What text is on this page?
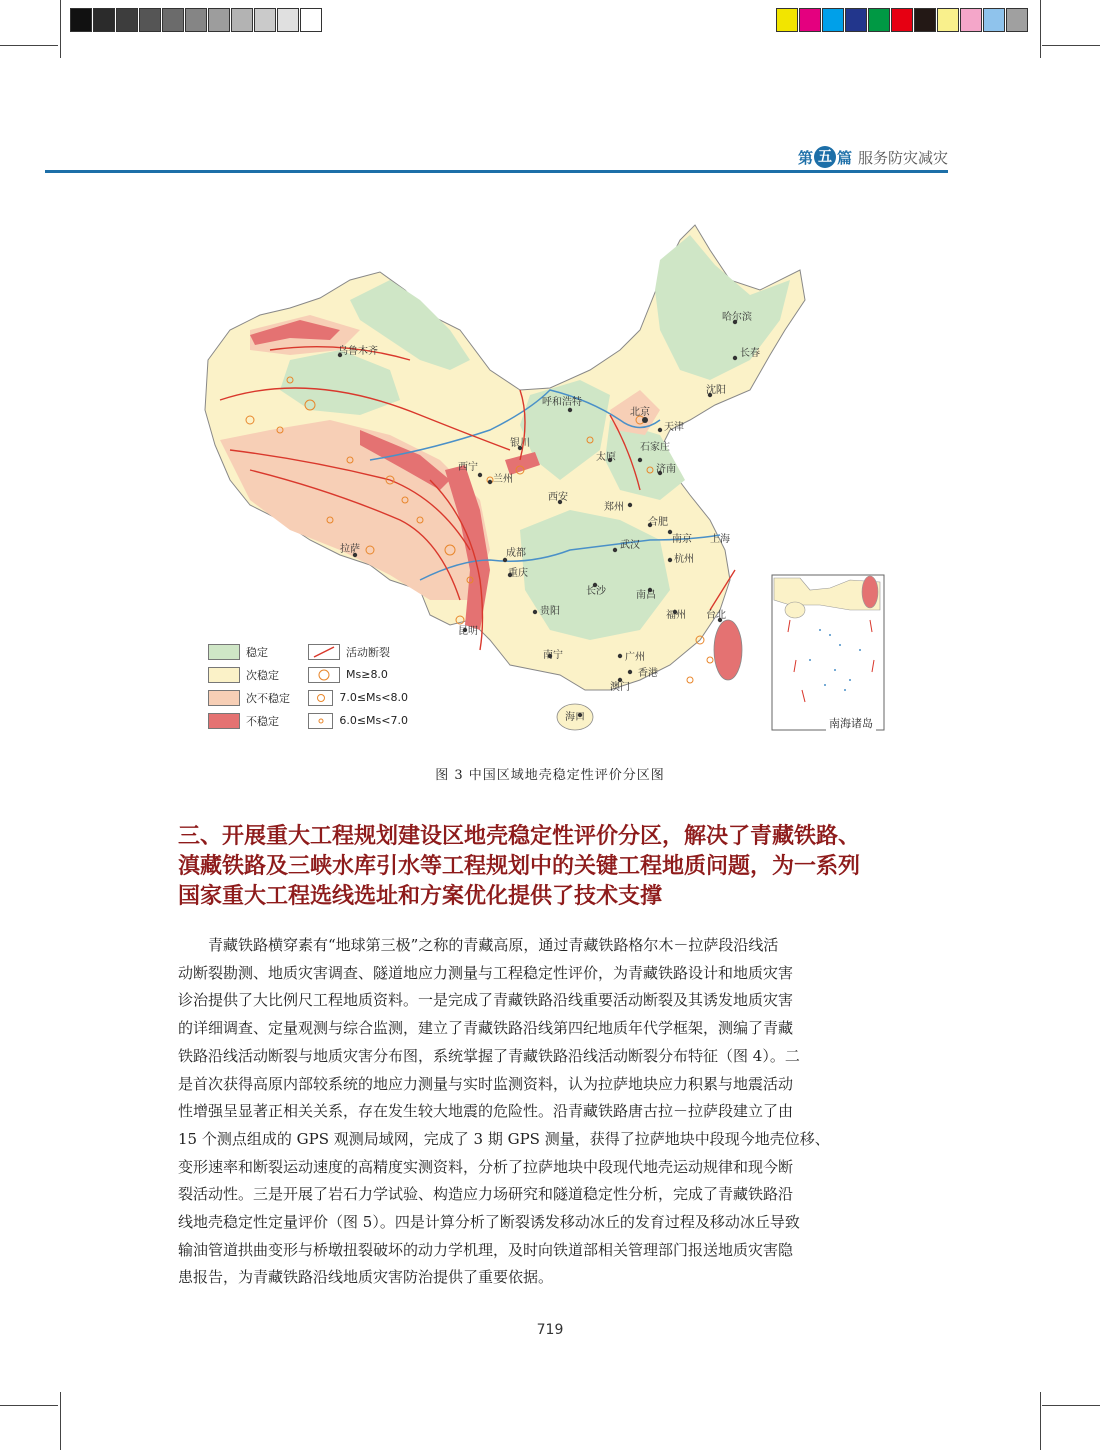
第 五 篇 服务防灾减灾
哈尔滨
长春
沈阳
乌鲁木齐
呼和浩特
北京
天津
银川
太原
石家庄
济南
西宁
兰州
西安
郑州
合肥
南京 上海
拉萨	成都
武汉
杭州
重庆
长沙	南昌
贵阳	福州
昆明
台北
南宁	广州
香港
澳门
海口
稳定	活动断裂
次稳定	Ms≥8.0
次不稳定	7.0≤Ms<8.0
不稳定	6.0≤Ms<7.0	南海诸岛
图 3 中国区域地壳稳定性评价分区图
三、开展重大工程规划建设区地壳稳定性评价分区，解决了青藏铁路、
滇藏铁路及三峡水库引水等工程规划中的关键工程地质问题，为一系列
国家重大工程选线选址和方案优化提供了技术支撑
青藏铁路横穿素有“地球第三极”之称的青藏高原，通过青藏铁路格尔木－拉萨段沿线活
动断裂勘测、地质灾害调查、隧道地应力测量与工程稳定性评价，为青藏铁路设计和地质灾害
诊治提供了大比例尺工程地质资料。一是完成了青藏铁路沿线重要活动断裂及其诱发地质灾害
的详细调查、定量观测与综合监测，建立了青藏铁路沿线第四纪地质年代学框架，测编了青藏
铁路沿线活动断裂与地质灾害分布图，系统掌握了青藏铁路沿线活动断裂分布特征（图 4）。二
是首次获得高原内部较系统的地应力测量与实时监测资料，认为拉萨地块应力积累与地震活动
性增强呈显著正相关关系，存在发生较大地震的危险性。沿青藏铁路唐古拉－拉萨段建立了由
15 个测点组成的 GPS 观测局域网，完成了 3 期 GPS 测量，获得了拉萨地块中段现今地壳位移、
变形速率和断裂运动速度的高精度实测资料，分析了拉萨地块中段现代地壳运动规律和现今断
裂活动性。三是开展了岩石力学试验、构造应力场研究和隧道稳定性分析，完成了青藏铁路沿
线地壳稳定性定量评价（图 5）。四是计算分析了断裂诱发移动冰丘的发育过程及移动冰丘导致
输油管道拱曲变形与桥墩扭裂破坏的动力学机理，及时向铁道部相关管理部门报送地质灾害隐
患报告，为青藏铁路沿线地质灾害防治提供了重要依据。
719
